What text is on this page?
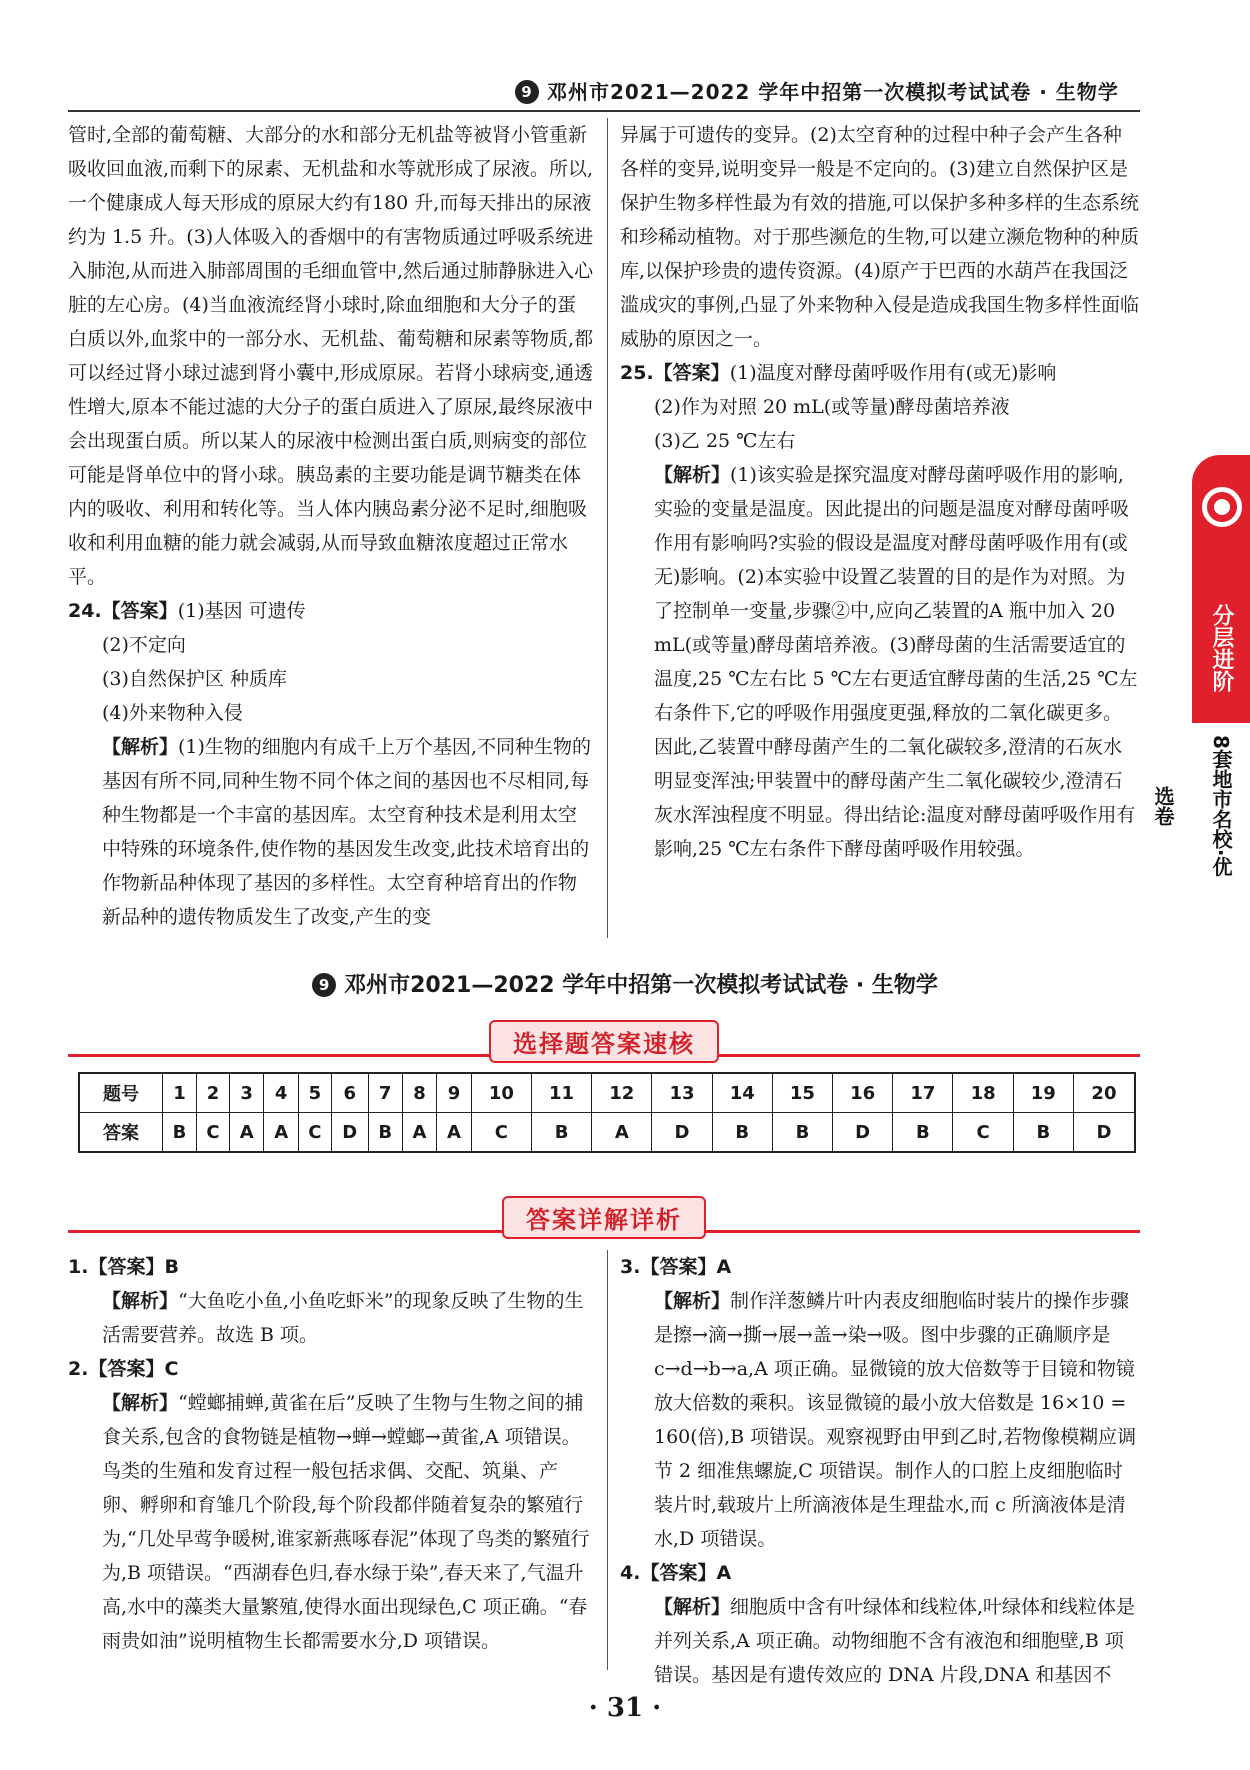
9 邓州市2021—2022 学年中招第一次模拟考试试卷 · 生物学

管时,全部的葡萄糖、大部分的水和部分无机盐等被肾小管重新吸收回血液,而剩下的尿素、无机盐和水等就形成了尿液。所以,一个健康成人每天形成的原尿大约有180 升,而每天排出的尿液约为 1.5 升。(3)人体吸入的香烟中的有害物质通过呼吸系统进入肺泡,从而进入肺部周围的毛细血管中,然后通过肺静脉进入心脏的左心房。(4)当血液流经肾小球时,除血细胞和大分子的蛋白质以外,血浆中的一部分水、无机盐、葡萄糖和尿素等物质,都可以经过肾小球过滤到肾小囊中,形成原尿。若肾小球病变,通透性增大,原本不能过滤的大分子的蛋白质进入了原尿,最终尿液中会出现蛋白质。所以某人的尿液中检测出蛋白质,则病变的部位可能是肾单位中的肾小球。胰岛素的主要功能是调节糖类在体内的吸收、利用和转化等。当人体内胰岛素分泌不足时,细胞吸收和利用血糖的能力就会减弱,从而导致血糖浓度超过正常水平。

24.【答案】(1)基因 可遗传

(2)不定向

(3)自然保护区 种质库

(4)外来物种入侵

【解析】(1)生物的细胞内有成千上万个基因,不同种生物的基因有所不同,同种生物不同个体之间的基因也不尽相同,每种生物都是一个丰富的基因库。太空育种技术是利用太空中特殊的环境条件,使作物的基因发生改变,此技术培育出的作物新品种体现了基因的多样性。太空育种培育出的作物新品种的遗传物质发生了改变,产生的变

异属于可遗传的变异。(2)太空育种的过程中种子会产生各种各样的变异,说明变异一般是不定向的。(3)建立自然保护区是保护生物多样性最为有效的措施,可以保护多种多样的生态系统和珍稀动植物。对于那些濒危的生物,可以建立濒危物种的种质库,以保护珍贵的遗传资源。(4)原产于巴西的水葫芦在我国泛滥成灾的事例,凸显了外来物种入侵是造成我国生物多样性面临威胁的原因之一。

25.【答案】(1)温度对酵母菌呼吸作用有(或无)影响

(2)作为对照 20 mL(或等量)酵母菌培养液

(3)乙 25 ℃左右

【解析】(1)该实验是探究温度对酵母菌呼吸作用的影响,实验的变量是温度。因此提出的问题是温度对酵母菌呼吸作用有影响吗?实验的假设是温度对酵母菌呼吸作用有(或无)影响。(2)本实验中设置乙装置的目的是作为对照。为了控制单一变量,步骤②中,应向乙装置的A 瓶中加入 20 mL(或等量)酵母菌培养液。(3)酵母菌的生活需要适宜的温度,25 ℃左右比 5 ℃左右更适宜酵母菌的生活,25 ℃左右条件下,它的呼吸作用强度更强,释放的二氧化碳更多。因此,乙装置中酵母菌产生的二氧化碳较多,澄清的石灰水明显变浑浊;甲装置中的酵母菌产生二氧化碳较少,澄清石灰水浑浊程度不明显。得出结论:温度对酵母菌呼吸作用有影响,25 ℃左右条件下酵母菌呼吸作用较强。

分层进阶
8套地市名校·优选卷
9 邓州市2021—2022 学年中招第一次模拟考试试卷 · 生物学
选择题答案速核
题号	1	2	3	4	5	6	7	8	9	10	11	12	13	14	15	16	17	18	19	20
答案	B	C	A	A	C	D	B	A	A	C	B	A	D	B	B	D	B	C	B	D
答案详解详析

1.【答案】B

【解析】“大鱼吃小鱼,小鱼吃虾米”的现象反映了生物的生活需要营养。故选 B 项。

2.【答案】C

【解析】“螳螂捕蝉,黄雀在后”反映了生物与生物之间的捕食关系,包含的食物链是植物→蝉→螳螂→黄雀,A 项错误。鸟类的生殖和发育过程一般包括求偶、交配、筑巢、产卵、孵卵和育雏几个阶段,每个阶段都伴随着复杂的繁殖行为,“几处早莺争暖树,谁家新燕啄春泥”体现了鸟类的繁殖行为,B 项错误。“西湖春色归,春水绿于染”,春天来了,气温升高,水中的藻类大量繁殖,使得水面出现绿色,C 项正确。“春雨贵如油”说明植物生长都需要水分,D 项错误。

3.【答案】A

【解析】制作洋葱鳞片叶内表皮细胞临时装片的操作步骤是擦→滴→撕→展→盖→染→吸。图中步骤的正确顺序是c→d→b→a,A 项正确。显微镜的放大倍数等于目镜和物镜放大倍数的乘积。该显微镜的最小放大倍数是 16×10 = 160(倍),B 项错误。观察视野由甲到乙时,若物像模糊应调节 2 细准焦螺旋,C 项错误。制作人的口腔上皮细胞临时装片时,载玻片上所滴液体是生理盐水,而 c 所滴液体是清水,D 项错误。

4.【答案】A

【解析】细胞质中含有叶绿体和线粒体,叶绿体和线粒体是并列关系,A 项正确。动物细胞不含有液泡和细胞壁,B 项错误。基因是有遗传效应的 DNA 片段,DNA 和基因不

· 31 ·
